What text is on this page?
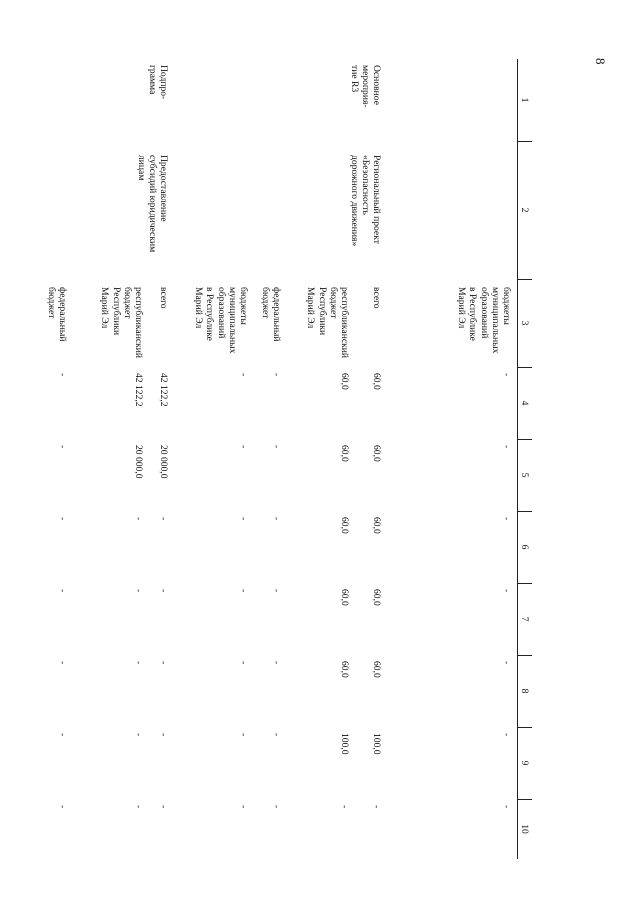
8
1
2
3
4
5
6
7
8
9
10
бюджеты
муниципальных
образований
в Республике
Марий Эл
-
-
-
-
-
-
-
Основное
мероприя-
тие R3
Региональный проект
«Безопасность
дорожного движения»
всего
60,0
60,0
60,0
60,0
60,0
100,0
-
республиканский
бюджет
Республики
Марий Эл
60,0
60,0
60,0
60,0
60,0
100,0
-
федеральный
бюджет
-
-
-
-
-
-
-
бюджеты
муниципальных
образований
в Республике
Марий Эл
-
-
-
-
-
-
-
Подпро-
грамма
Предоставление
субсидий юридическим
лицам
всего
42 122,2
20 000,0
-
-
-
-
-
республиканский
бюджет
Республики
Марий Эл
42 122,2
20 000,0
-
-
-
-
-
федеральный
бюджет
-
-
-
-
-
-
-
